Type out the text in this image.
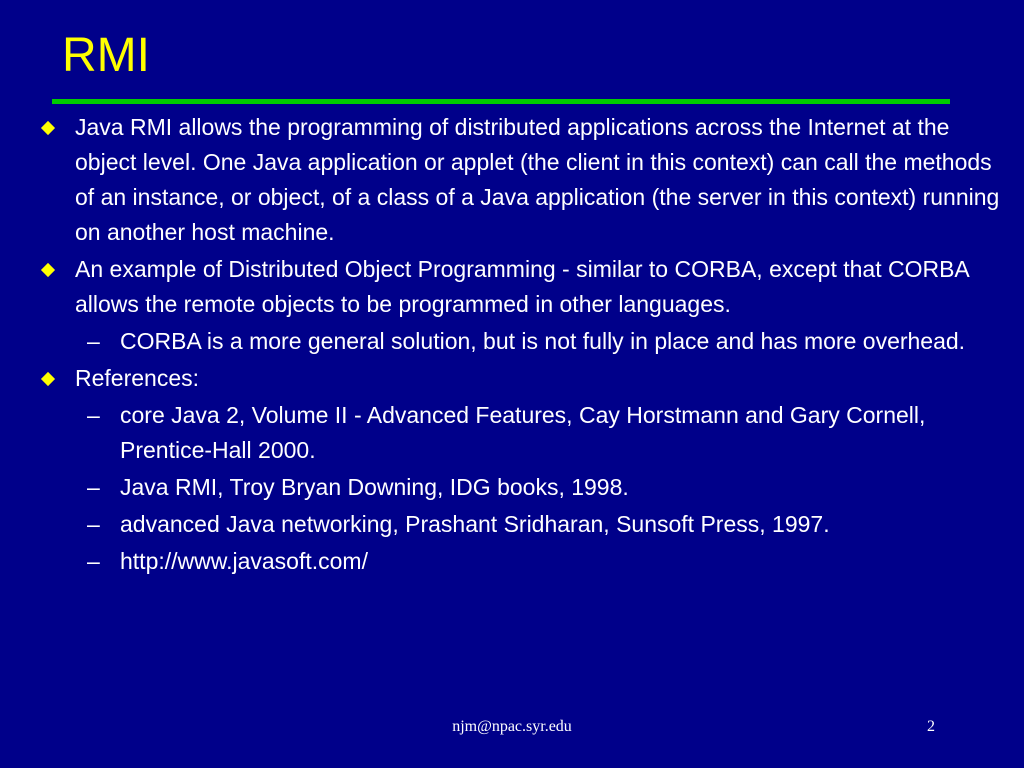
RMI
Java RMI allows the programming of distributed applications across the Internet at the object level. One Java application or applet (the client in this context) can call the methods of an instance, or object, of a class of a Java application (the server in this context) running on another host machine.
An example of Distributed Object Programming - similar to CORBA, except that CORBA allows the remote objects to be programmed in other languages.
– CORBA is a more general solution, but is not fully in place and has more overhead.
References:
– core Java 2, Volume II - Advanced Features, Cay Horstmann and Gary Cornell, Prentice-Hall 2000.
– Java RMI, Troy Bryan Downing, IDG books, 1998.
– advanced Java networking, Prashant Sridharan, Sunsoft Press, 1997.
– http://www.javasoft.com/
njm@npac.syr.edu	2
